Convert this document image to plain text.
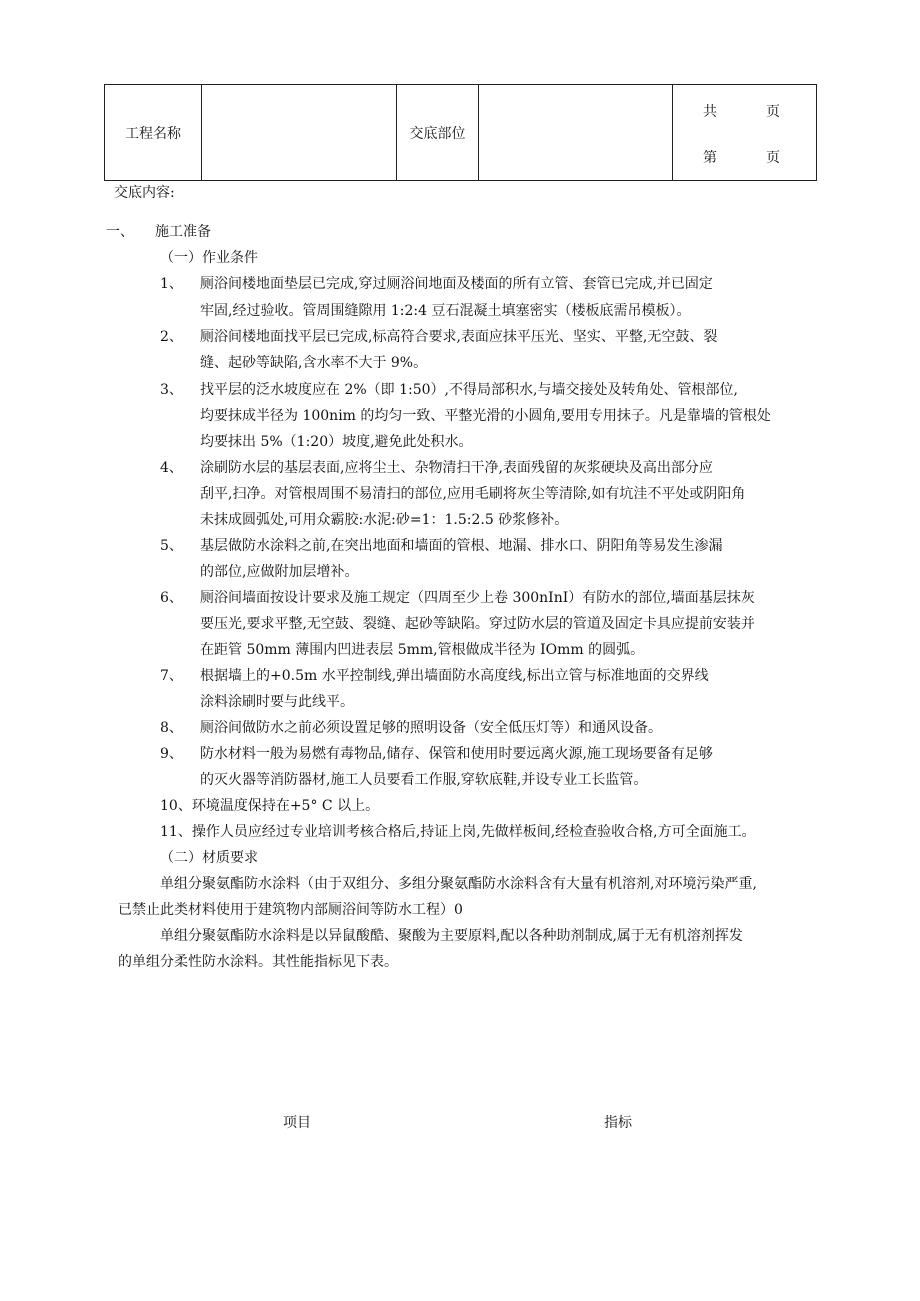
工程名称		交底部位		
共	页
第	页
交底内容:
一、 施工准备
（一）作业条件
1、 厕浴间楼地面垫层已完成,穿过厕浴间地面及楼面的所有立管、套管已完成,并已固定
牢固,经过验收。管周围缝隙用 1:2:4 豆石混凝土填塞密实（楼板底需吊模板）。
2、 厕浴间楼地面找平层已完成,标高符合要求,表面应抹平压光、坚实、平整,无空鼓、裂
缝、起砂等缺陷,含水率不大于 9%。
3、 找平层的泛水坡度应在 2%（即 1:50）,不得局部积水,与墙交接处及转角处、管根部位,
均要抹成半径为 100nim 的均匀一致、平整光滑的小圆角,要用专用抹子。凡是靠墙的管根处
均要抹出 5%（1:20）坡度,避免此处积水。
4、 涂刷防水层的基层表面,应将尘土、杂物清扫干净,表面残留的灰浆硬块及高出部分应
刮平,扫净。对管根周围不易清扫的部位,应用毛刷将灰尘等清除,如有坑洼不平处或阴阳角
未抹成圆弧处,可用众霸胶:水泥:砂=1：1.5:2.5 砂浆修补。
5、 基层做防水涂料之前,在突出地面和墙面的管根、地漏、排水口、阴阳角等易发生渗漏
的部位,应做附加层增补。
6、 厕浴间墙面按设计要求及施工规定（四周至少上卷 300nInI）有防水的部位,墙面基层抹灰
要压光,要求平整,无空鼓、裂缝、起砂等缺陷。穿过防水层的管道及固定卡具应提前安装并
在距管 50mm 薄围内凹进表层 5mm,管根做成半径为 IOmm 的圆弧。
7、 根据墙上的+0.5m 水平控制线,弹出墙面防水高度线,标出立管与标准地面的交界线
涂料涂刷时要与此线平。
8、 厕浴间做防水之前必须设置足够的照明设备（安全低压灯等）和通风设备。
9、 防水材料一般为易燃有毒物品,储存、保管和使用时要远离火源,施工现场要备有足够
的灭火器等消防器材,施工人员要看工作服,穿软底鞋,并设专业工长监管。
10、环境温度保持在+5° C 以上。
11、操作人员应经过专业培训考核合格后,持证上岗,先做样板间,经检查验收合格,方可全面施工。
（二）材质要求
单组分聚氨酯防水涂料（由于双组分、多组分聚氨酯防水涂料含有大量有机溶剂,对环境污染严重,
已禁止此类材料使用于建筑物内部厕浴间等防水工程）0
单组分聚氨酯防水涂料是以异鼠酸酷、聚酸为主要原料,配以各种助剂制成,属于无有机溶剂挥发
的单组分柔性防水涂料。其性能指标见下表。
项目	指标
